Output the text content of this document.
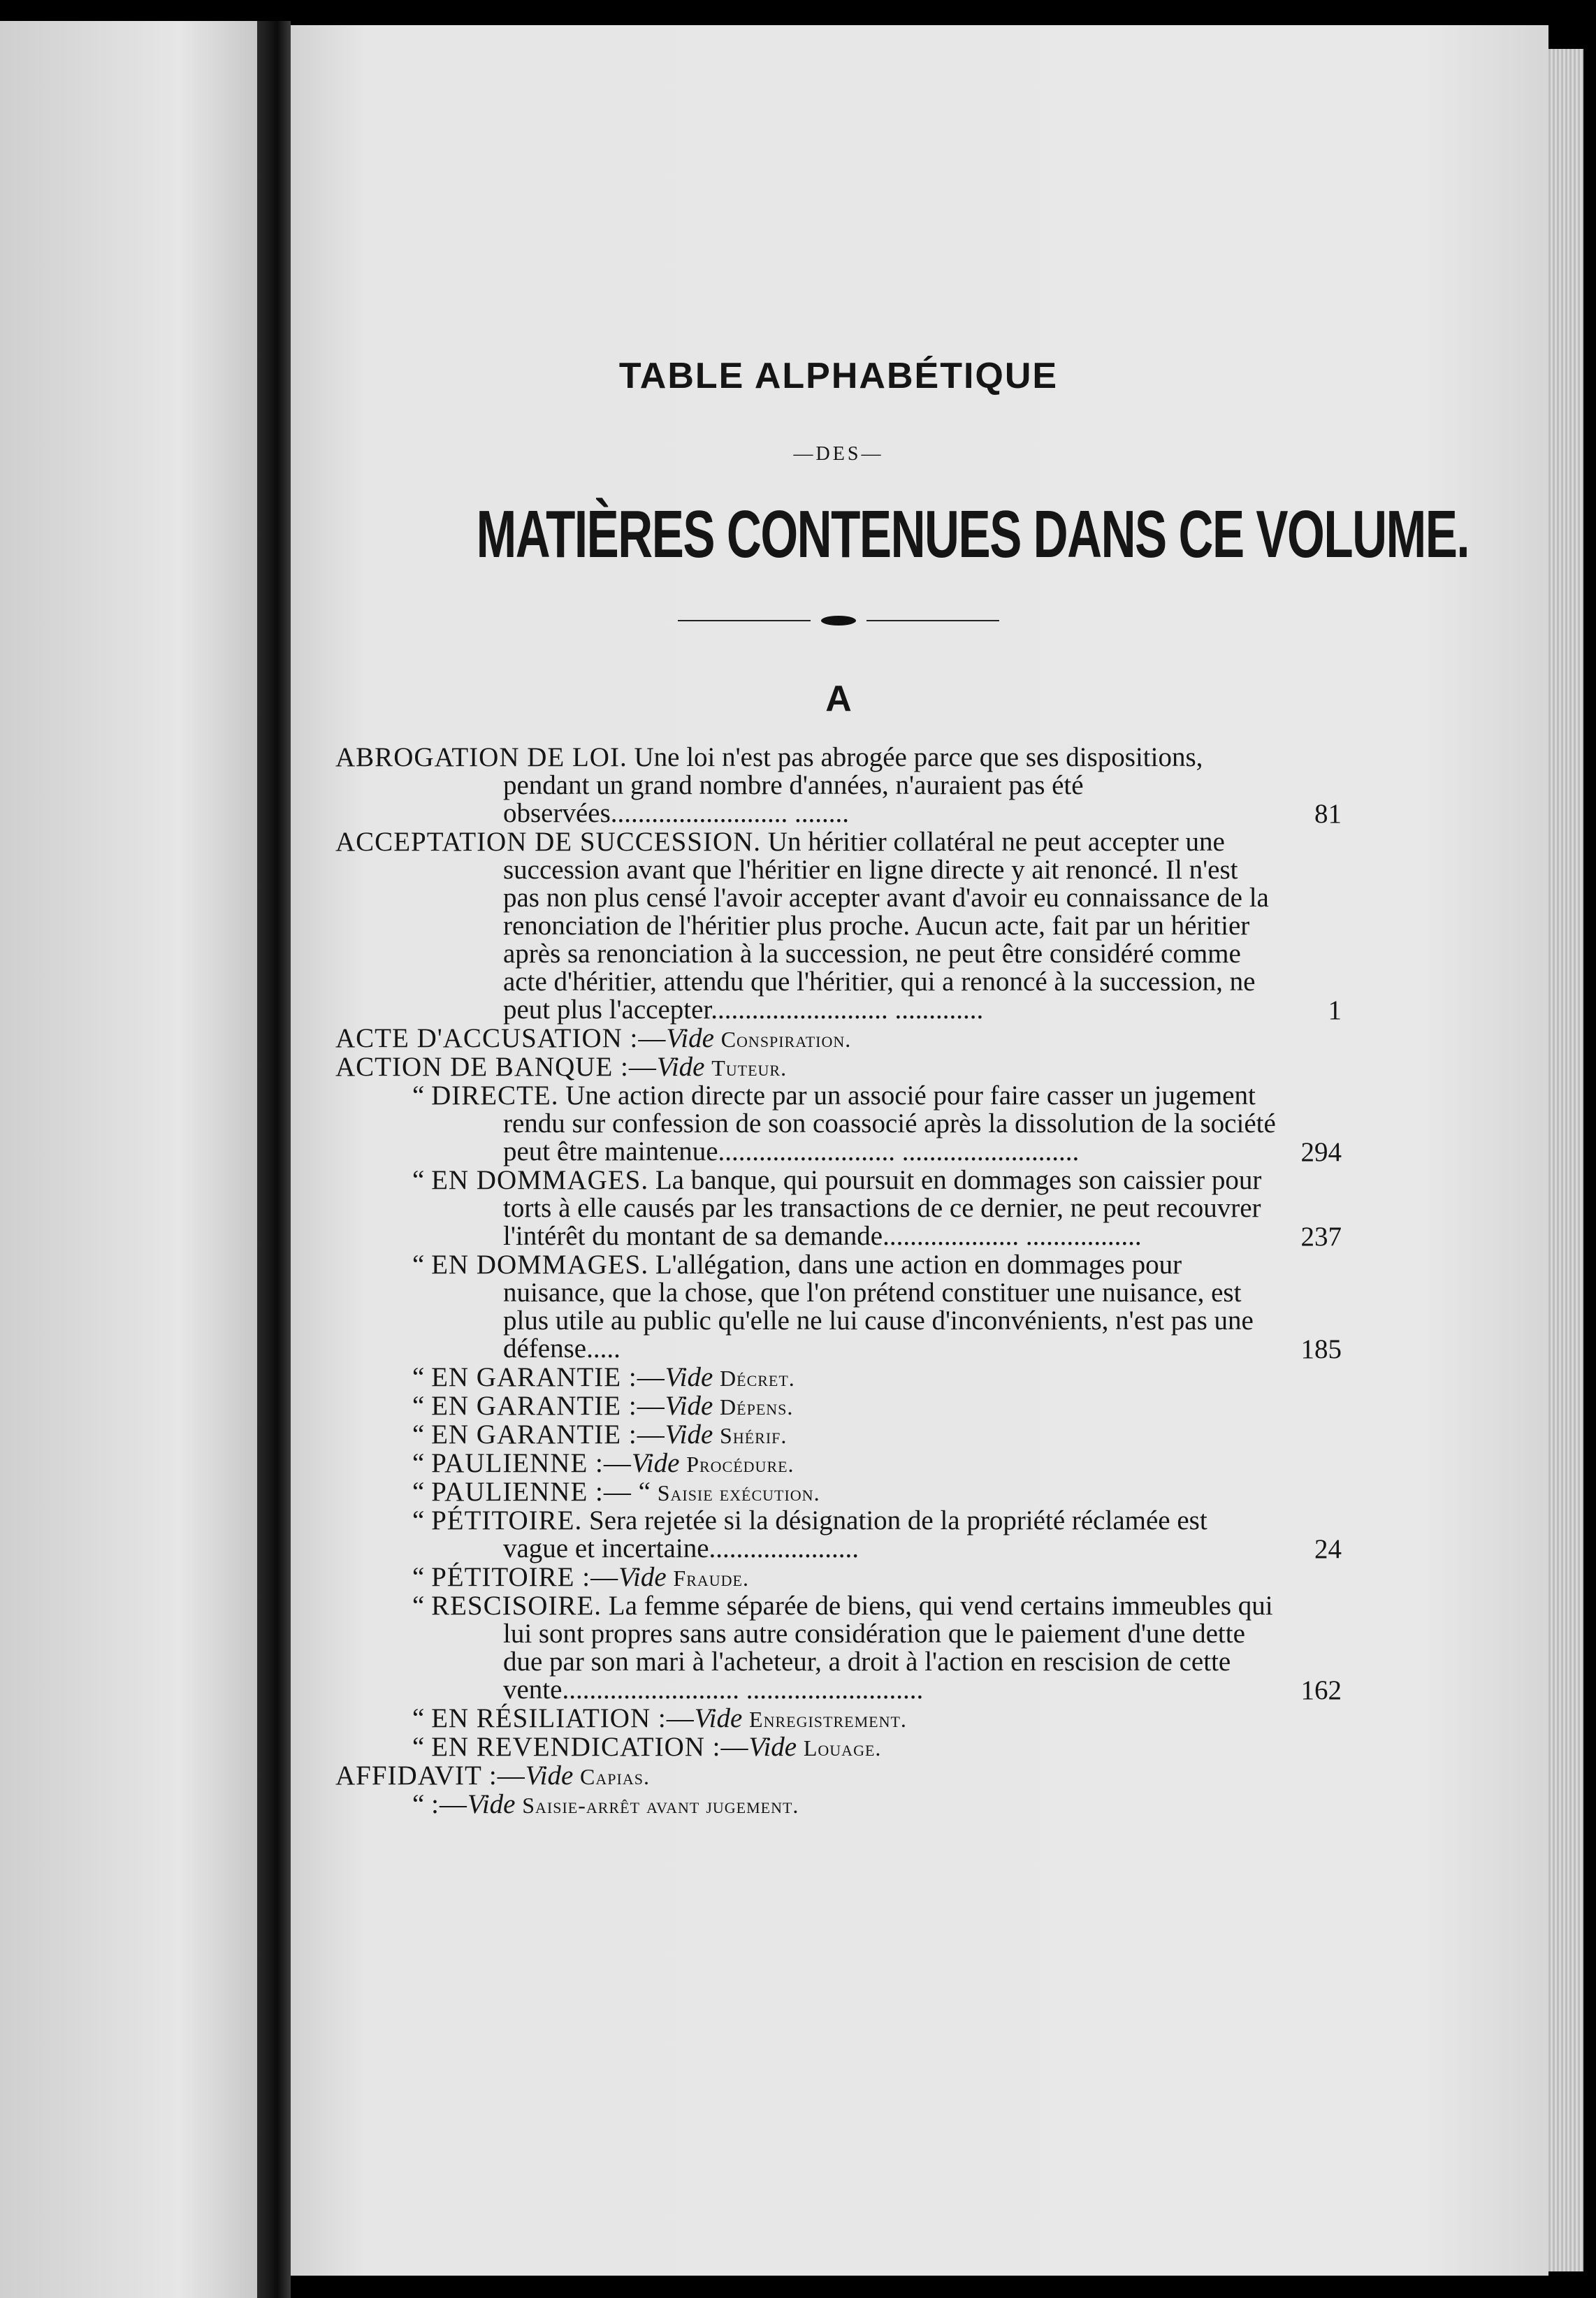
TABLE ALPHABÉTIQUE
—DES—
MATIÈRES CONTENUES DANS CE VOLUME.
A
ABROGATION DE LOI. Une loi n'est pas abrogée parce que ses dispositions, pendant un grand nombre d'années, n'auraient pas été observées.......................... ........	81
ACCEPTATION DE SUCCESSION. Un héritier collatéral ne peut accepter une succession avant que l'héritier en ligne directe y ait renoncé. Il n'est pas non plus censé l'avoir accepter avant d'avoir eu connaissance de la renonciation de l'héritier plus proche. Aucun acte, fait par un héritier après sa renonciation à la succession, ne peut être considéré comme acte d'héritier, attendu que l'héritier, qui a renoncé à la succession, ne peut plus l'accepter.......................... .............	1
ACTE D'ACCUSATION :—Vide Conspiration.
ACTION DE BANQUE :—Vide Tuteur.
“ DIRECTE. Une action directe par un associé pour faire casser un jugement rendu sur confession de son coassocié après la dissolution de la société peut être maintenue.......................... ..........................	294
“ EN DOMMAGES. La banque, qui poursuit en dommages son caissier pour torts à elle causés par les transactions de ce dernier, ne peut recouvrer l'intérêt du montant de sa demande.................... .................	237
“ EN DOMMAGES. L'allégation, dans une action en dommages pour nuisance, que la chose, que l'on prétend constituer une nuisance, est plus utile au public qu'elle ne lui cause d'inconvénients, n'est pas une défense.....	185
“ EN GARANTIE :—Vide Décret.
“ EN GARANTIE :—Vide Dépens.
“ EN GARANTIE :—Vide Shérif.
“ PAULIENNE :—Vide Procédure.
“ PAULIENNE :— “ Saisie exécution.
“ PÉTITOIRE. Sera rejetée si la désignation de la propriété réclamée est vague et incertaine......................	24
“ PÉTITOIRE :—Vide Fraude.
“ RESCISOIRE. La femme séparée de biens, qui vend certains immeubles qui lui sont propres sans autre considération que le paiement d'une dette due par son mari à l'acheteur, a droit à l'action en rescision de cette vente.......................... ..........................	162
“ EN RÉSILIATION :—Vide Enregistrement.
“ EN REVENDICATION :—Vide Louage.
AFFIDAVIT :—Vide Capias.
“ :—Vide Saisie-arrêt avant jugement.
